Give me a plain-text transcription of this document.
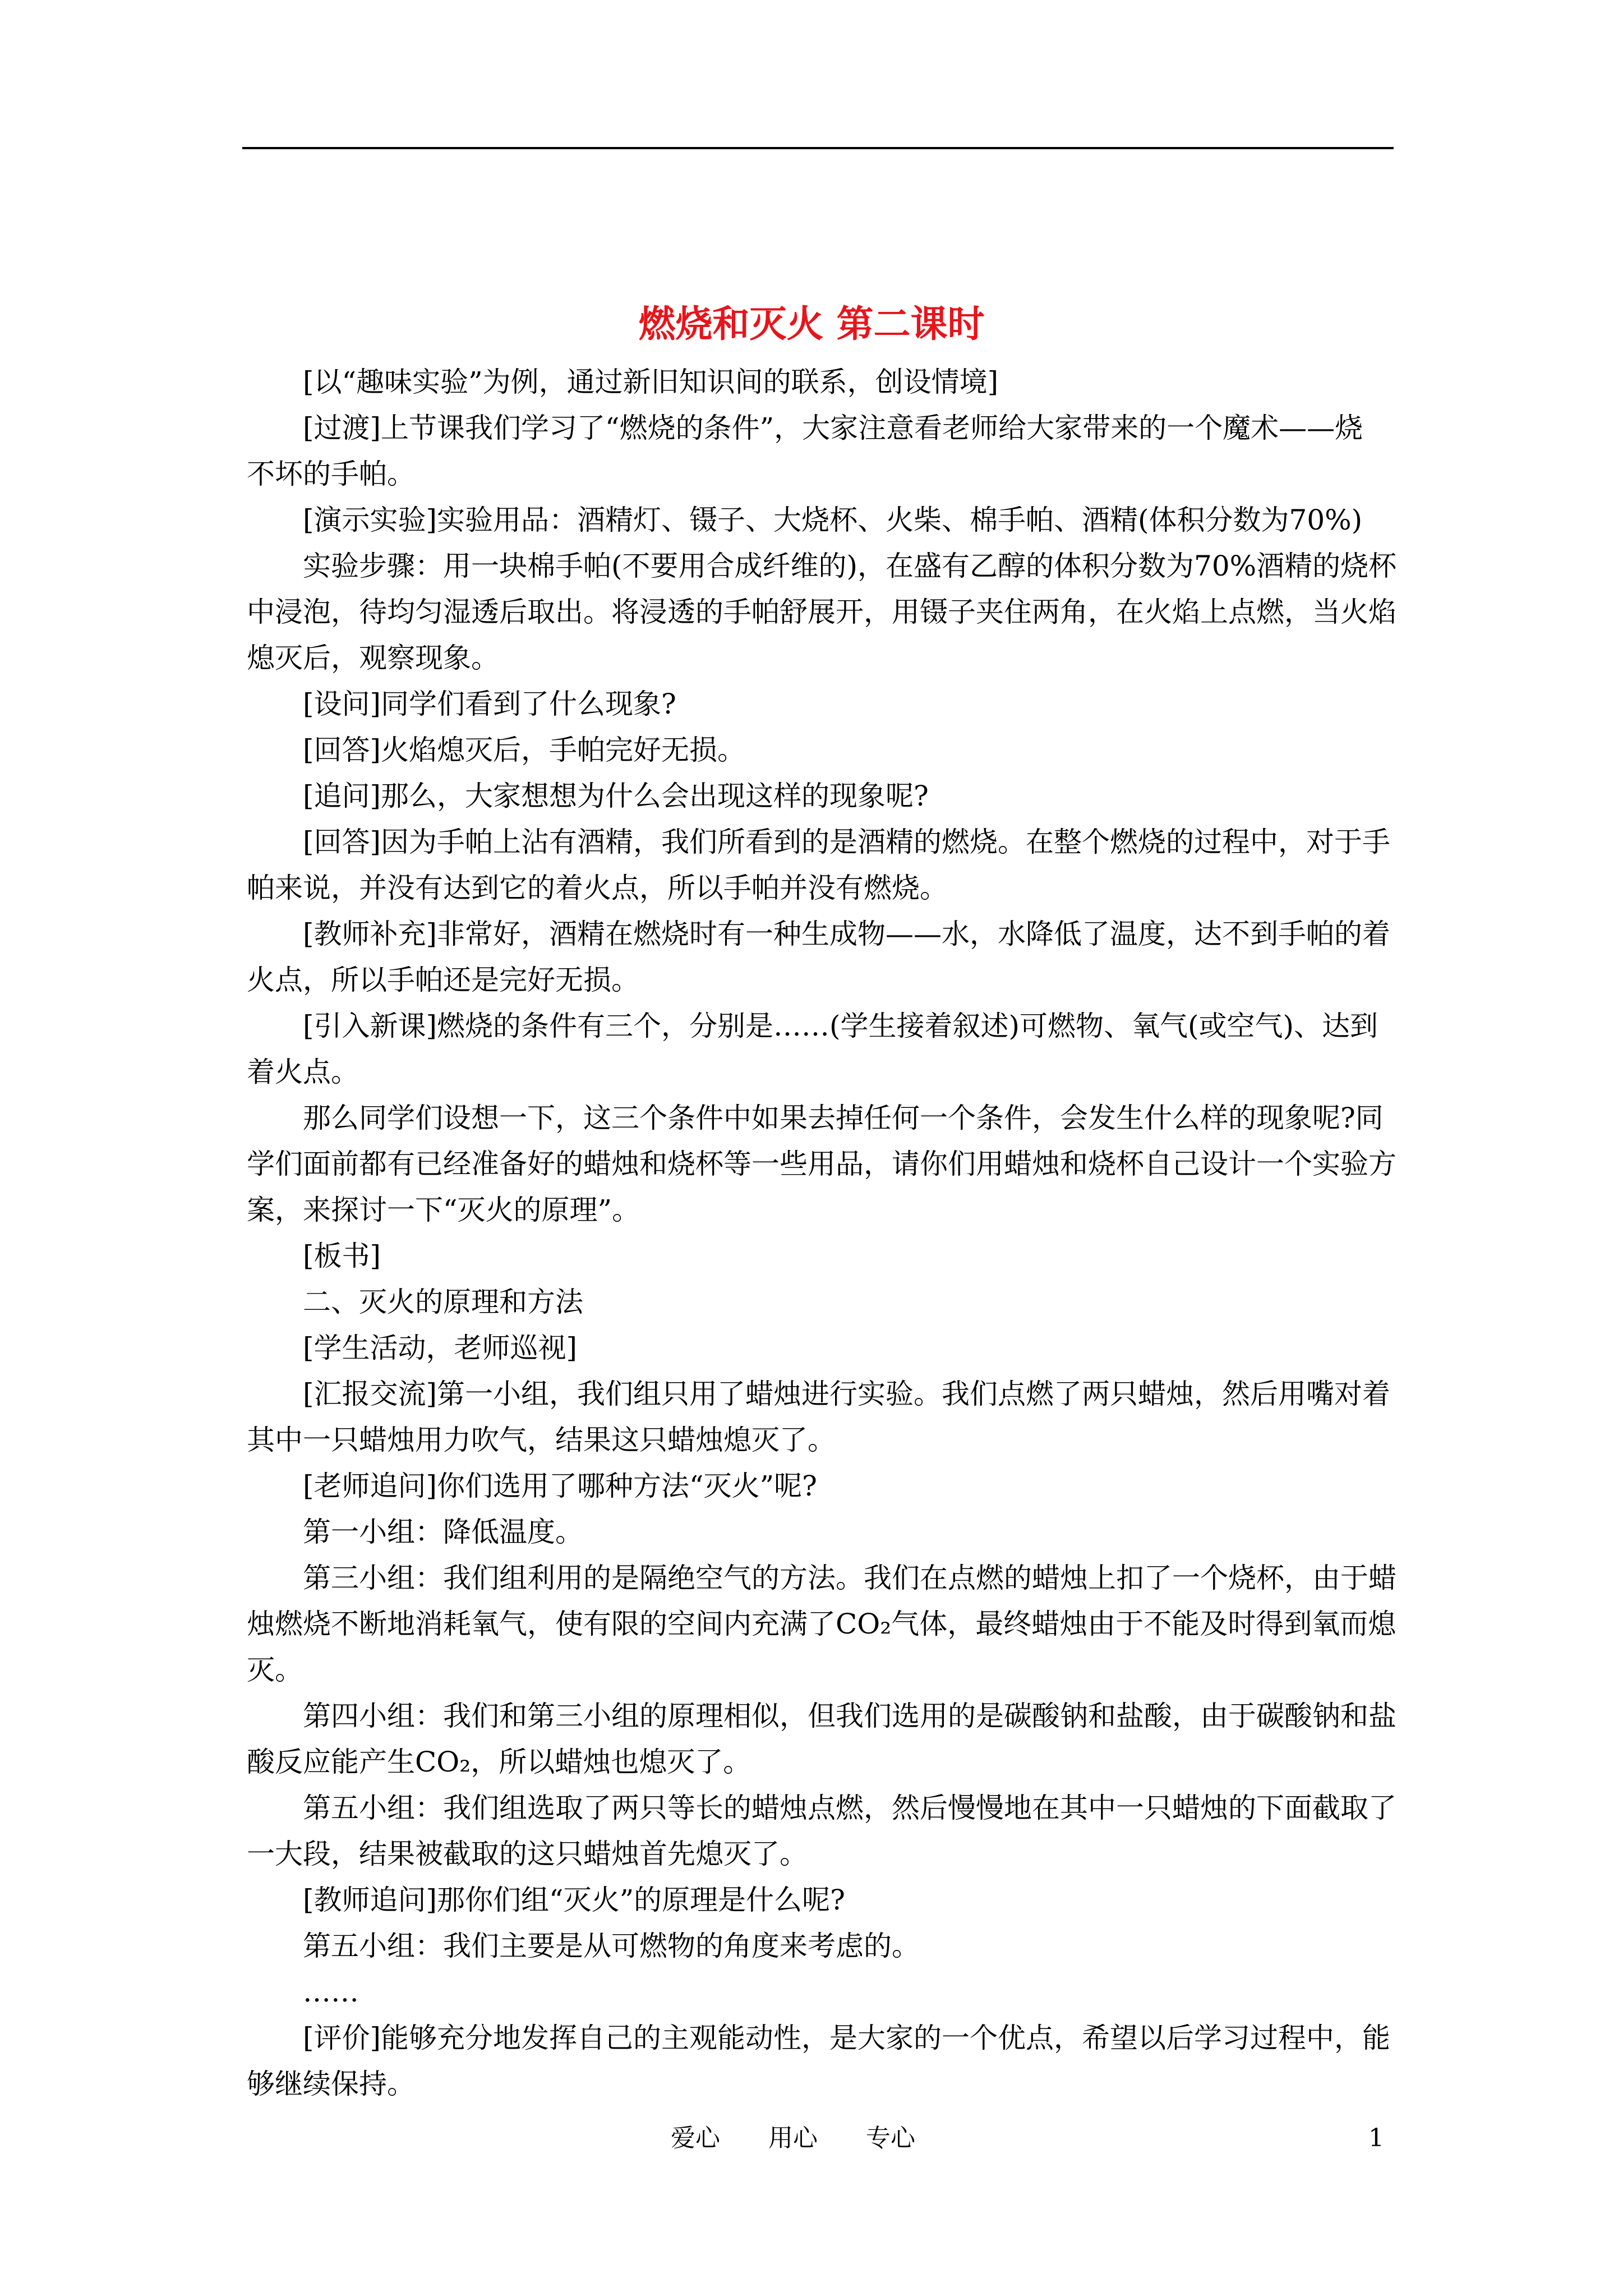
燃烧和灭火 第二课时

[以“趣味实验”为例，通过新旧知识间的联系，创设情境]

[过渡]上节课我们学习了“燃烧的条件”，大家注意看老师给大家带来的一个魔术——烧

不坏的手帕。

[演示实验]实验用品：酒精灯、镊子、大烧杯、火柴、棉手帕、酒精(体积分数为70%)

实验步骤：用一块棉手帕(不要用合成纤维的)，在盛有乙醇的体积分数为70%酒精的烧杯中浸泡，待均匀湿透后取出。将浸透的手帕舒展开，用镊子夹住两角，在火焰上点燃，当火焰熄灭后，观察现象。

[设问]同学们看到了什么现象?

[回答]火焰熄灭后，手帕完好无损。

[追问]那么，大家想想为什么会出现这样的现象呢?

[回答]因为手帕上沾有酒精，我们所看到的是酒精的燃烧。在整个燃烧的过程中，对于手帕来说，并没有达到它的着火点，所以手帕并没有燃烧。

[教师补充]非常好，酒精在燃烧时有一种生成物——水，水降低了温度，达不到手帕的着火点，所以手帕还是完好无损。

[引入新课]燃烧的条件有三个，分别是……(学生接着叙述)可燃物、氧气(或空气)、达到着火点。

那么同学们设想一下，这三个条件中如果去掉任何一个条件，会发生什么样的现象呢?同学们面前都有已经准备好的蜡烛和烧杯等一些用品，请你们用蜡烛和烧杯自己设计一个实验方案，来探讨一下“灭火的原理”。

[板书]

二、灭火的原理和方法

[学生活动，老师巡视]

[汇报交流]第一小组，我们组只用了蜡烛进行实验。我们点燃了两只蜡烛，然后用嘴对着其中一只蜡烛用力吹气，结果这只蜡烛熄灭了。

[老师追问]你们选用了哪种方法“灭火”呢?

第一小组：降低温度。

第三小组：我们组利用的是隔绝空气的方法。我们在点燃的蜡烛上扣了一个烧杯，由于蜡烛燃烧不断地消耗氧气，使有限的空间内充满了CO₂气体，最终蜡烛由于不能及时得到氧而熄灭。

第四小组：我们和第三小组的原理相似，但我们选用的是碳酸钠和盐酸，由于碳酸钠和盐酸反应能产生CO₂，所以蜡烛也熄灭了。

第五小组：我们组选取了两只等长的蜡烛点燃，然后慢慢地在其中一只蜡烛的下面截取了一大段，结果被截取的这只蜡烛首先熄灭了。

[教师追问]那你们组“灭火”的原理是什么呢?

第五小组：我们主要是从可燃物的角度来考虑的。

……

[评价]能够充分地发挥自己的主观能动性，是大家的一个优点，希望以后学习过程中，能够继续保持。

爱心 用心 专心	1
